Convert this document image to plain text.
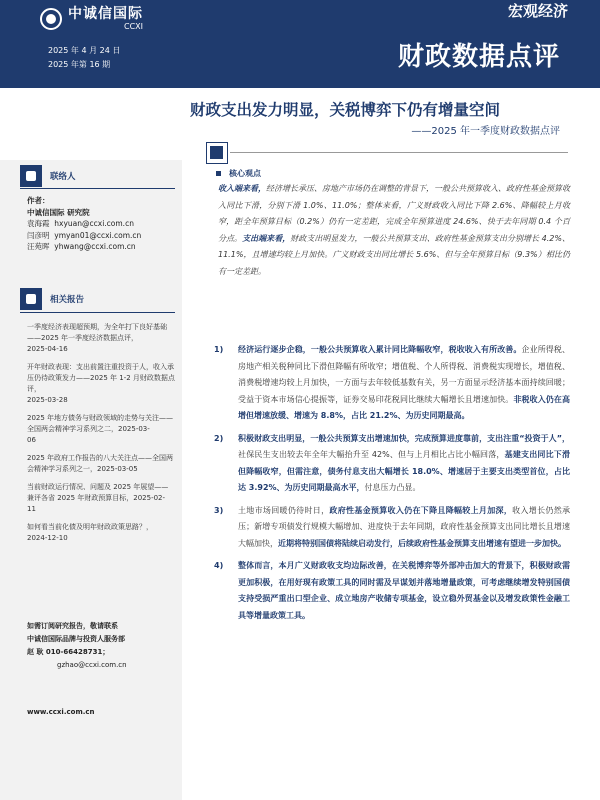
中诚信国际
CCXI
2025 年 4 月 24 日
2025 年第 16 期
宏观经济
财政数据点评
财政支出发力明显，关税博弈下仍有增量空间
——2025 年一季度财政数据点评
联络人
作者：
中诚信国际 研究院
袁海霞 hxyuan@ccxi.com.cn
闫彦明 ymyan01@ccxi.com.cn
汪苑晖 yhwang@ccxi.com.cn
相关报告
一季度经济表现超预期，为全年打下良好基础——2025 年一季度经济数据点评，
2025-04-16
开年财政表现：支出前置注重投资于人，收入承压仍待政策发力——2025 年 1-2 月财政数据点评，
2025-03-28
2025 年地方债务与财政领域的走势与关注——全国两会精神学习系列之二，2025-03-
06
2025 年政府工作报告的八大关注点——全国两会精神学习系列之一，2025-03-05
当前财政运行情况、问题及 2025 年展望——兼评各省 2025 年财政预算目标，2025-02-
11
如何看当前化债及明年财政政策思路？，
2024-12-10
如需订阅研究报告，敬请联系
中诚信国际品牌与投资人服务部
赵 耿 010-66428731；
gzhao@ccxi.com.cn
www.ccxi.com.cn
核心观点
收入端来看，经济增长承压、房地产市场仍在调整的背景下，一般公共预算收入、政府性基金预算收入同比下滑，分别下滑 1.0%、11.0%；整体来看，广义财政收入同比下降 2.6%、降幅较上月收窄，距全年预算目标（0.2%）仍有一定差距，完成全年预算进度 24.6%、快于去年同期 0.4 个百分点。支出端来看，财政支出明显发力，一般公共预算支出、政府性基金预算支出分别增长 4.2%、11.1%，且增速均较上月加快。广义财政支出同比增长 5.6%、但与全年预算目标（9.3%）相比仍有一定差距。
1) 经济运行逐步企稳，一般公共预算收入累计同比降幅收窄，税收收入有所改善。企业所得税、房地产相关税种同比下滑但降幅有所收窄；增值税、个人所得税、消费税实现增长，增值税、消费税增速均较上月加快，一方面与去年较低基数有关，另一方面显示经济基本面持续回暖；受益于资本市场信心提振等，证券交易印花税同比继续大幅增长且增速加快。非税收入仍在高增但增速放缓、增速为 8.8%，占比 21.2%、为历史同期最高。
2) 积极财政支出明显，一般公共预算支出增速加快，完成预算进度靠前，支出注重“投资于人”，社保民生支出较去年全年大幅抬升至 42%、但与上月相比占比小幅回落，基建支出同比下滑但降幅收窄，但需注意，债务付息支出大幅增长 18.0%、增速居于主要支出类型首位，占比达 3.92%、为历史同期最高水平，付息压力凸显。
3) 土地市场回暖仍待时日，政府性基金预算收入仍在下降且降幅较上月加深，收入增长仍然承压；新增专项债发行规模大幅增加、进度快于去年同期，政府性基金预算支出同比增长且增速大幅加快，近期将特别国债将陆续启动发行，后续政府性基金预算支出增速有望进一步加快。
4) 整体而言，本月广义财政收支均边际改善，在关税博弈等外部冲击加大的背景下，积极财政需更加积极，在用好现有政策工具的同时需及早谋划并落地增量政策，可考虑继续增发特别国债支持受损严重出口型企业、成立地房产收储专项基金，设立稳外贸基金以及增发政策性金融工具等增量政策工具。
